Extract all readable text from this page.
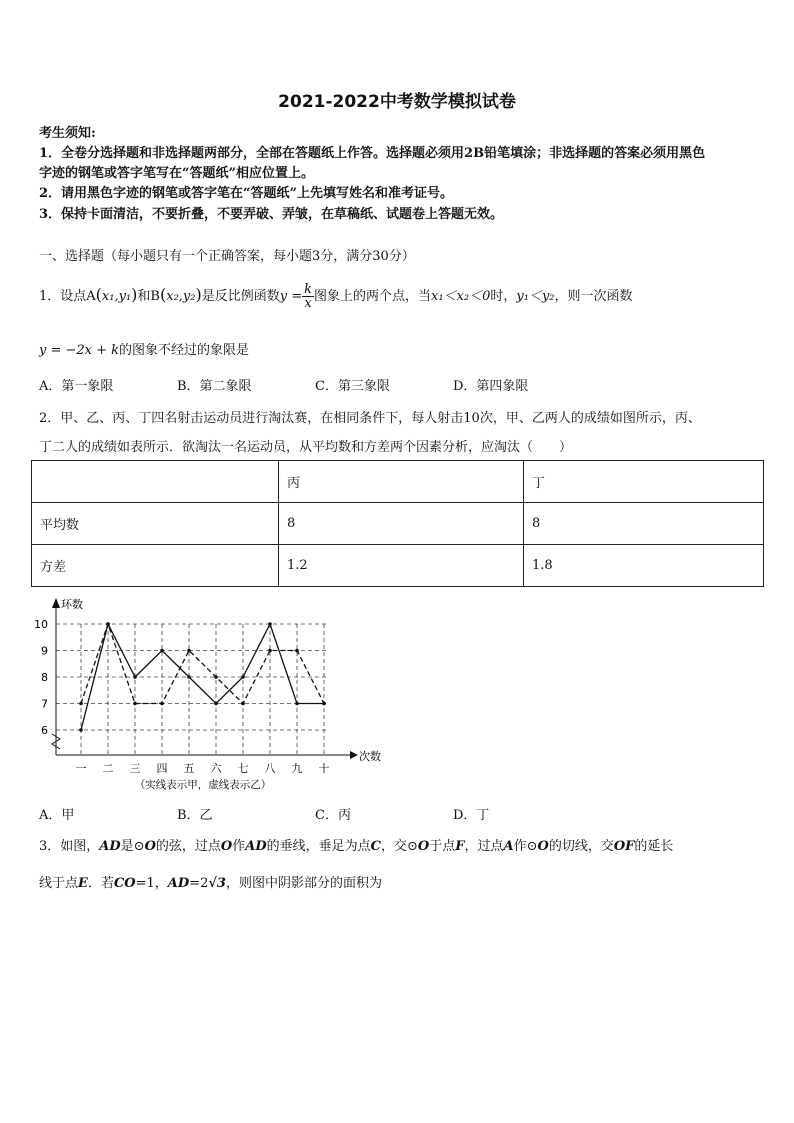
2021-2022中考数学模拟试卷
考生须知:
1．全卷分选择题和非选择题两部分，全部在答题纸上作答。选择题必须用2B铅笔填涂；非选择题的答案必须用黑色
字迹的钢笔或答字笔写在“答题纸”相应位置上。
2．请用黑色字迹的钢笔或答字笔在“答题纸”上先填写姓名和准考证号。
3．保持卡面清洁，不要折叠，不要弄破、弄皱，在草稿纸、试题卷上答题无效。
一、选择题（每小题只有一个正确答案，每小题3分，满分30分）
1．设点A(x₁,y₁)和B(x₂,y₂)是反比例函数$y = \frac{k}{x}$ 图象上的两个点，当x₁＜x₂＜0时，y₁＜y₂，则一次函数
y = −2x + k的图象不经过的象限是
A．第一象限	B．第二象限	C．第三象限	D．第四象限
2．甲、乙、丙、丁四名射击运动员进行淘汰赛，在相同条件下，每人射击10次，甲、乙两人的成绩如图所示，丙、
丁二人的成绩如表所示．欲淘汰一名运动员，从平均数和方差两个因素分析，应淘汰（　　）
	丙	丁
平均数	8	8
方差	1.2	1.8
6
7
8
9
10
环数
次数
一 二 三 四 五 六 七 八 九 十
（实线表示甲，虚线表示乙）
A．甲	B．乙	C．丙	D．丁
3．如图，AD是⊙O的弦，过点O作AD的垂线，垂足为点C，交⊙O于点F，过点A作⊙O的切线，交OF的延长
线于点E．若CO=1，AD=2√3，则图中阴影部分的面积为
